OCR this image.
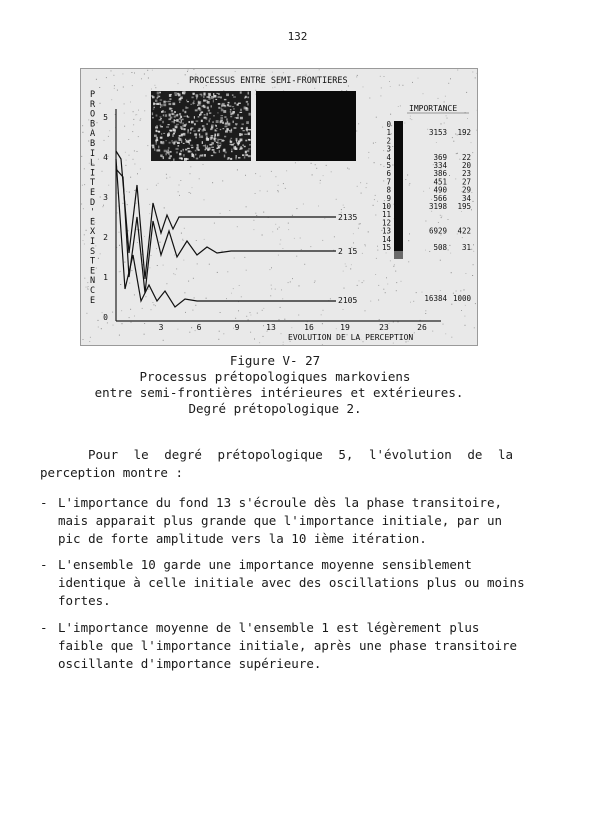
132
PROCESSUS ENTRE SEMI-FRONTIERES
P
R
O
B
A
B
I
L
I
T
E
D
'
E
X
I
S
T
E
N
C
E
0
1
2
3
4
5
3	6	9	13	16	19	23	26
2135
2 15
2105
EVOLUTION DE LA PERCEPTION
IMPORTANCE
0
1	3153 192
2
3
4	369 22
5	334 20
6	386 23
7	451 27
8	490 29
9	566 34
10	3198 195
11
12
13	6929 422
14
15	508 31
16384 1000
Figure V- 27
Processus prétopologiques markoviens
entre semi-frontières intérieures et extérieures.
Degré prétopologique 2.
Pour le degré prétopologique 5, l'évolution de la
perception montre :
- L'importance du fond 13 s'écroule dès la phase transitoire,
mais apparait plus grande que l'importance initiale, par un
pic de forte amplitude vers la 10 ième itération.
- L'ensemble 10 garde une importance moyenne sensiblement
identique à celle initiale avec des oscillations plus ou moins
fortes.
- L'importance moyenne de l'ensemble 1 est légèrement plus
faible que l'importance initiale, après une phase transitoire
oscillante d'importance supérieure.
